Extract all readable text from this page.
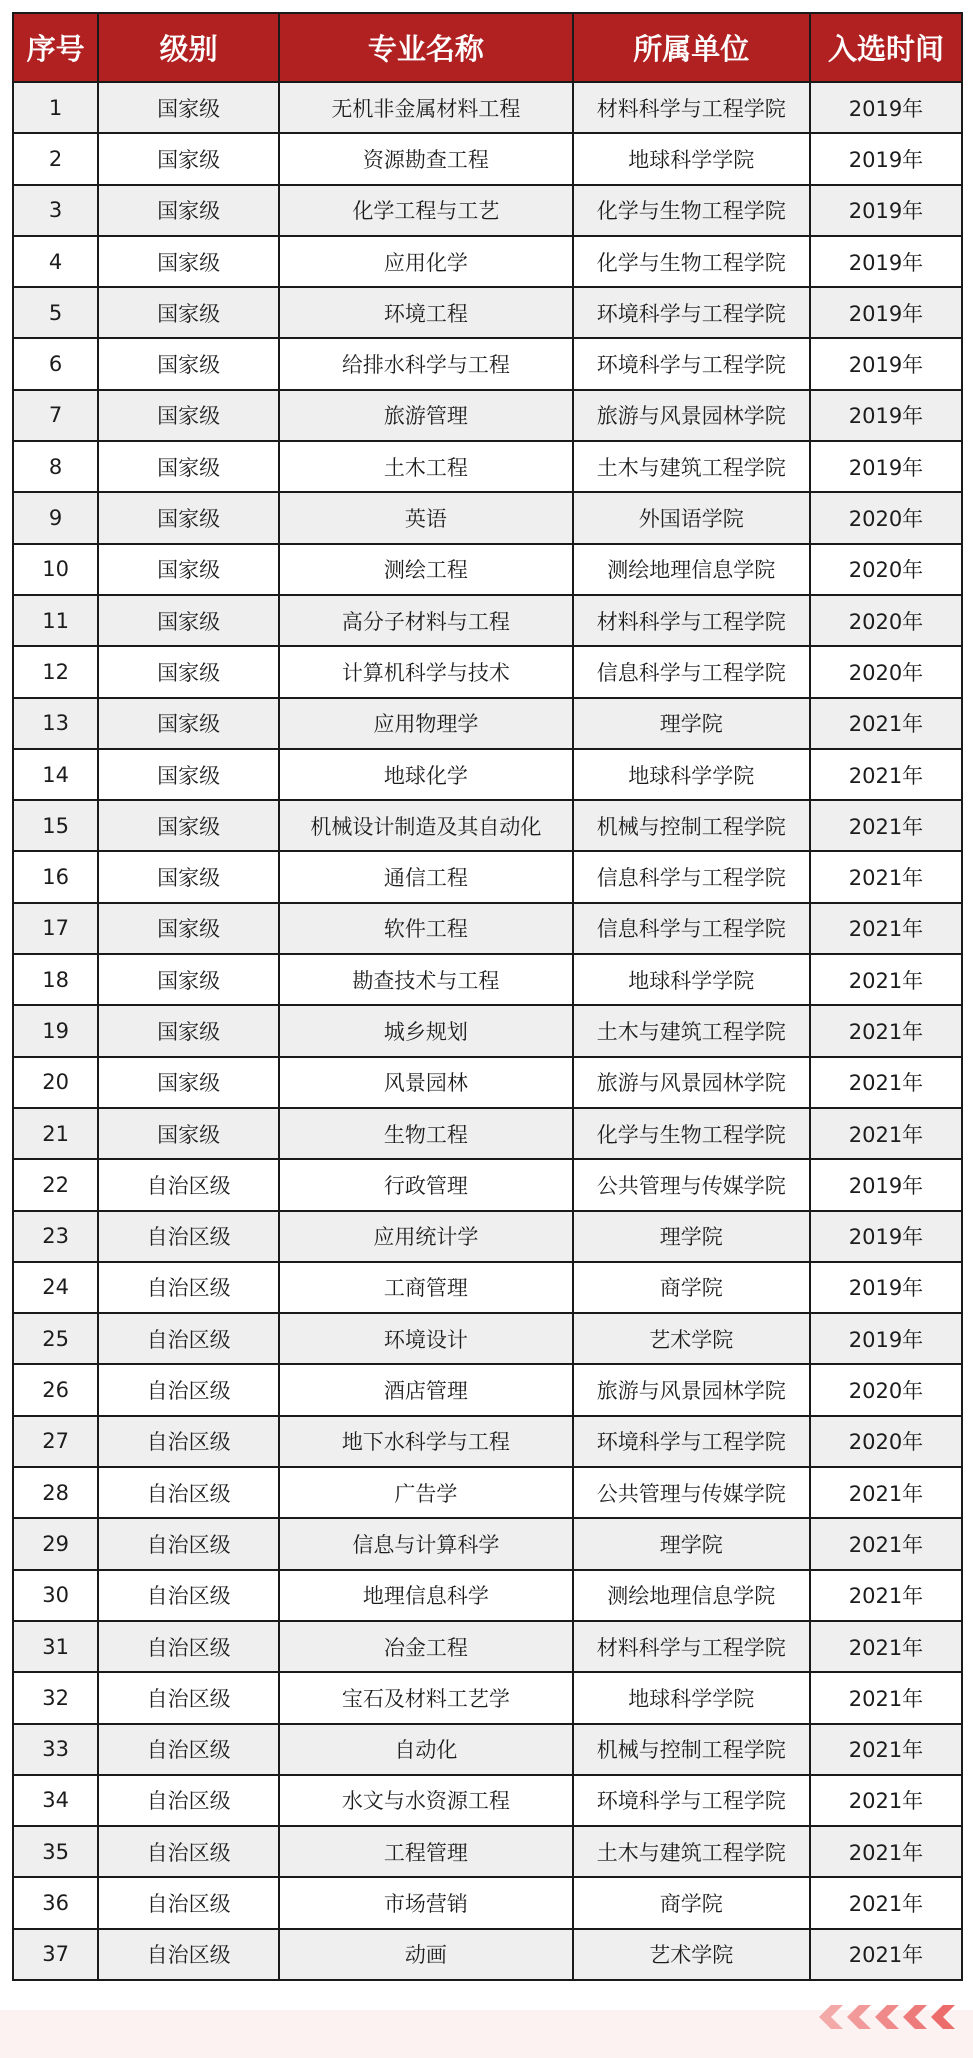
序号	级别	专业名称	所属单位	入选时间
1	国家级	无机非金属材料工程	材料科学与工程学院	2019年
2	国家级	资源勘查工程	地球科学学院	2019年
3	国家级	化学工程与工艺	化学与生物工程学院	2019年
4	国家级	应用化学	化学与生物工程学院	2019年
5	国家级	环境工程	环境科学与工程学院	2019年
6	国家级	给排水科学与工程	环境科学与工程学院	2019年
7	国家级	旅游管理	旅游与风景园林学院	2019年
8	国家级	土木工程	土木与建筑工程学院	2019年
9	国家级	英语	外国语学院	2020年
10	国家级	测绘工程	测绘地理信息学院	2020年
11	国家级	高分子材料与工程	材料科学与工程学院	2020年
12	国家级	计算机科学与技术	信息科学与工程学院	2020年
13	国家级	应用物理学	理学院	2021年
14	国家级	地球化学	地球科学学院	2021年
15	国家级	机械设计制造及其自动化	机械与控制工程学院	2021年
16	国家级	通信工程	信息科学与工程学院	2021年
17	国家级	软件工程	信息科学与工程学院	2021年
18	国家级	勘查技术与工程	地球科学学院	2021年
19	国家级	城乡规划	土木与建筑工程学院	2021年
20	国家级	风景园林	旅游与风景园林学院	2021年
21	国家级	生物工程	化学与生物工程学院	2021年
22	自治区级	行政管理	公共管理与传媒学院	2019年
23	自治区级	应用统计学	理学院	2019年
24	自治区级	工商管理	商学院	2019年
25	自治区级	环境设计	艺术学院	2019年
26	自治区级	酒店管理	旅游与风景园林学院	2020年
27	自治区级	地下水科学与工程	环境科学与工程学院	2020年
28	自治区级	广告学	公共管理与传媒学院	2021年
29	自治区级	信息与计算科学	理学院	2021年
30	自治区级	地理信息科学	测绘地理信息学院	2021年
31	自治区级	冶金工程	材料科学与工程学院	2021年
32	自治区级	宝石及材料工艺学	地球科学学院	2021年
33	自治区级	自动化	机械与控制工程学院	2021年
34	自治区级	水文与水资源工程	环境科学与工程学院	2021年
35	自治区级	工程管理	土木与建筑工程学院	2021年
36	自治区级	市场营销	商学院	2021年
37	自治区级	动画	艺术学院	2021年
